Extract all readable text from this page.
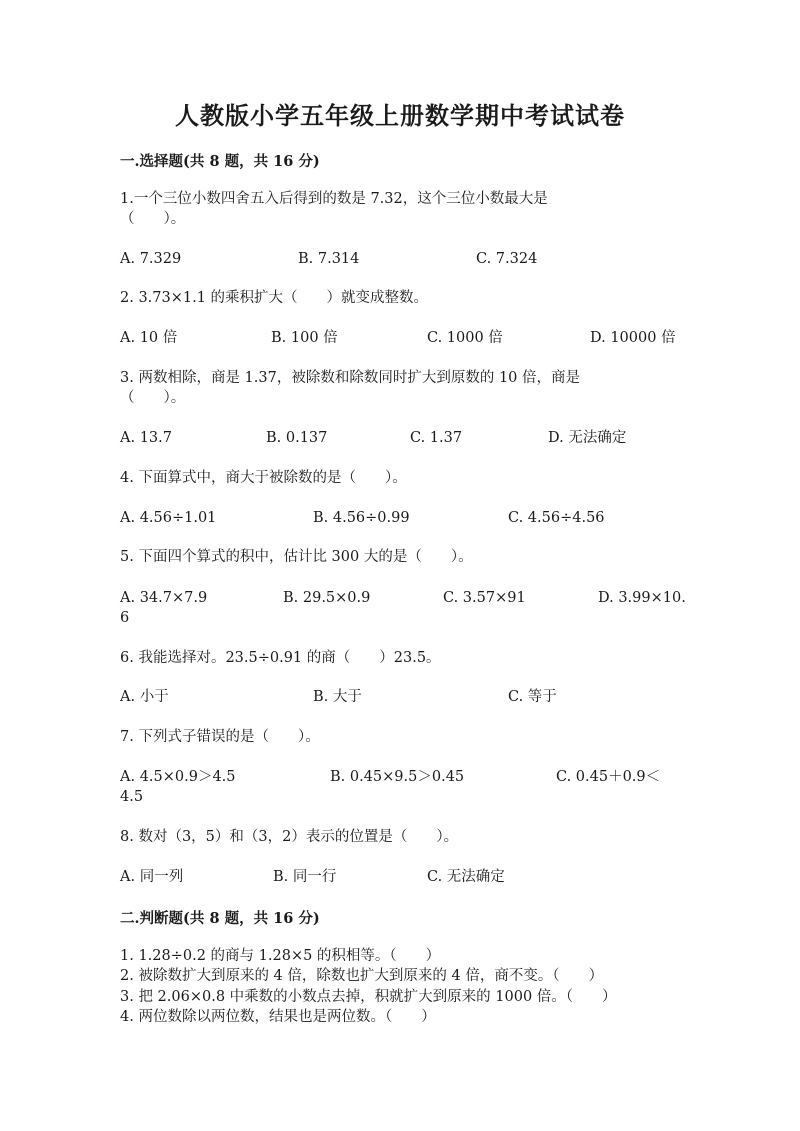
人教版小学五年级上册数学期中考试试卷
一.选择题(共 8 题，共 16 分)
1.一个三位小数四舍五入后得到的数是 7.32，这个三位小数最大是
（　　）。
A. 7.329	B. 7.314	C. 7.324
2. 3.73×1.1 的乘积扩大（　　）就变成整数。
A. 10 倍	B. 100 倍	C. 1000 倍	D. 10000 倍
3. 两数相除，商是 1.37，被除数和除数同时扩大到原数的 10 倍，商是
（　　）。
A. 13.7	B. 0.137	C. 1.37	D. 无法确定
4. 下面算式中，商大于被除数的是（　　）。
A. 4.56÷1.01	B. 4.56÷0.99	C. 4.56÷4.56
5. 下面四个算式的积中，估计比 300 大的是（　　）。
A. 34.7×7.9	B. 29.5×0.9	C. 3.57×91	D. 3.99×10.
6
6. 我能选择对。23.5÷0.91 的商（　　）23.5。
A. 小于	B. 大于	C. 等于
7. 下列式子错误的是（　　）。
A. 4.5×0.9＞4.5	B. 0.45×9.5＞0.45	C. 0.45＋0.9＜
4.5
8. 数对（3，5）和（3，2）表示的位置是（　　）。
A. 同一列	B. 同一行	C. 无法确定
二.判断题(共 8 题，共 16 分)
1. 1.28÷0.2 的商与 1.28×5 的积相等。（　　）
2. 被除数扩大到原来的 4 倍，除数也扩大到原来的 4 倍，商不变。（　　）
3. 把 2.06×0.8 中乘数的小数点去掉，积就扩大到原来的 1000 倍。（　　）
4. 两位数除以两位数，结果也是两位数。（　　）
